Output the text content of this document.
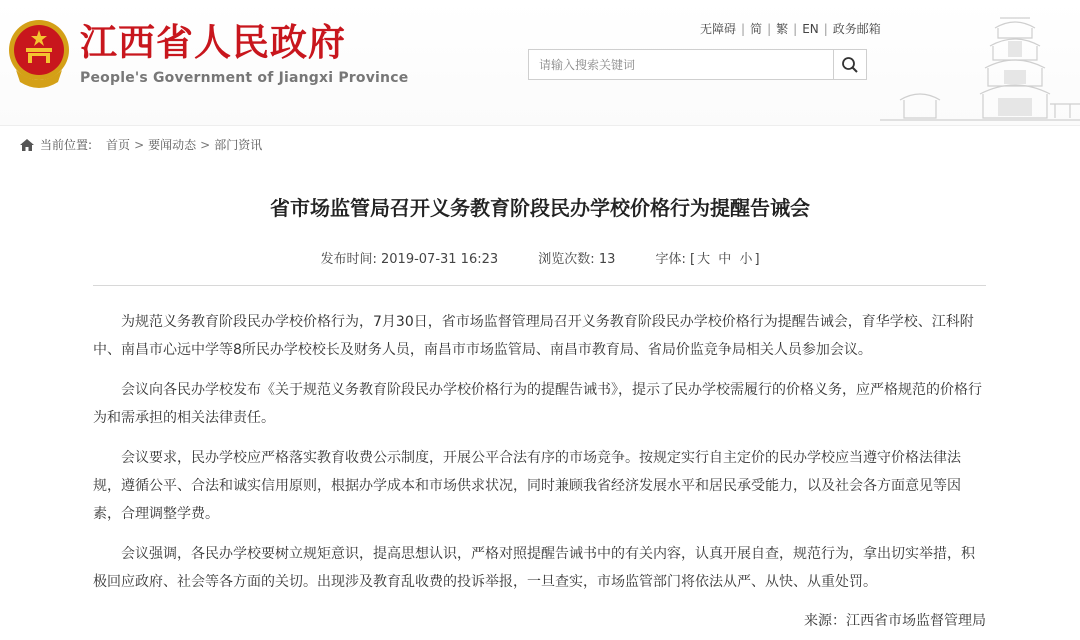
江西省人民政府
People's Government of Jiangxi Province
无障碍 | 简 | 繁 | EN | 政务邮箱
请输入搜索关键词
当前位置: 首页 > 要闻动态 > 部门资讯
省市场监管局召开义务教育阶段民办学校价格行为提醒告诫会
发布时间: 2019-07-31 16:23	浏览次数: 13	字体: [ 大 中 小 ]

为规范义务教育阶段民办学校价格行为，7月30日，省市场监督管理局召开义务教育阶段民办学校价格行为提醒告诫会，育华学校、江科附中、南昌市心远中学等8所民办学校校长及财务人员，南昌市市场监管局、南昌市教育局、省局价监竞争局相关人员参加会议。

会议向各民办学校发布《关于规范义务教育阶段民办学校价格行为的提醒告诫书》，提示了民办学校需履行的价格义务，应严格规范的价格行为和需承担的相关法律责任。

会议要求，民办学校应严格落实教育收费公示制度，开展公平合法有序的市场竞争。按规定实行自主定价的民办学校应当遵守价格法律法规，遵循公平、合法和诚实信用原则，根据办学成本和市场供求状况，同时兼顾我省经济发展水平和居民承受能力，以及社会各方面意见等因素，合理调整学费。

会议强调，各民办学校要树立规矩意识，提高思想认识，严格对照提醒告诫书中的有关内容，认真开展自查，规范行为，拿出切实举措，积极回应政府、社会等各方面的关切。出现涉及教育乱收费的投诉举报，一旦查实，市场监管部门将依法从严、从快、从重处罚。

来源：江西省市场监督管理局
